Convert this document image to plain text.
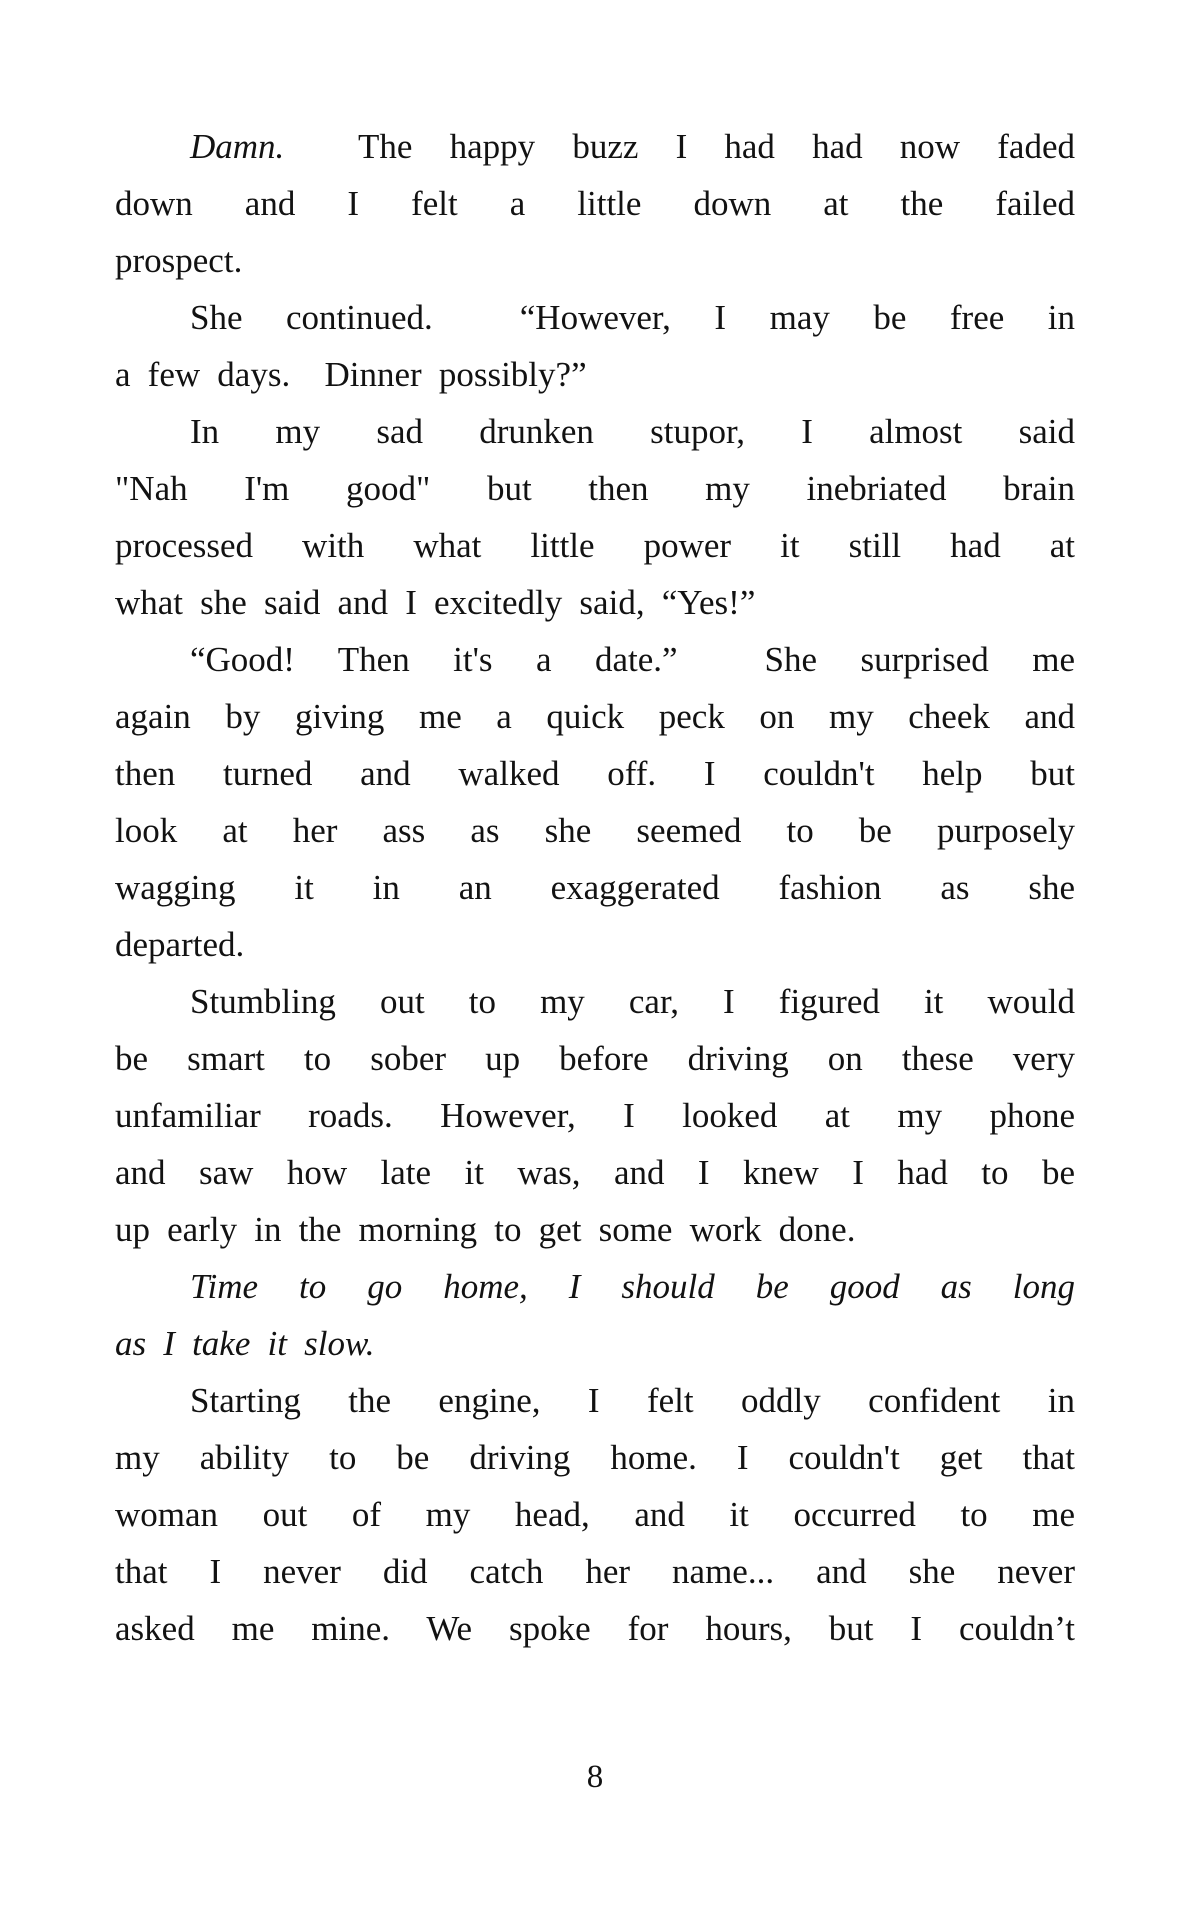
Damn.  The happy buzz I had had now faded
down and I felt a little down at the failed
prospect.
She continued.  “However, I may be free in
a few days.  Dinner possibly?”
In my sad drunken stupor, I almost said
"Nah I'm good" but then my inebriated brain
processed with what little power it still had at
what she said and I excitedly said, “Yes!”
“Good! Then it's a date.”  She surprised me
again by giving me a quick peck on my cheek and
then turned and walked off. I couldn't help but
look at her ass as she seemed to be purposely
wagging it in an exaggerated fashion as she
departed.
Stumbling out to my car, I figured it would
be smart to sober up before driving on these very
unfamiliar roads. However, I looked at my phone
and saw how late it was, and I knew I had to be
up early in the morning to get some work done.
Time to go home, I should be good as long
as I take it slow.
Starting the engine, I felt oddly confident in
my ability to be driving home. I couldn't get that
woman out of my head, and it occurred to me
that I never did catch her name... and she never
asked me mine. We spoke for hours, but I couldn’t
8
